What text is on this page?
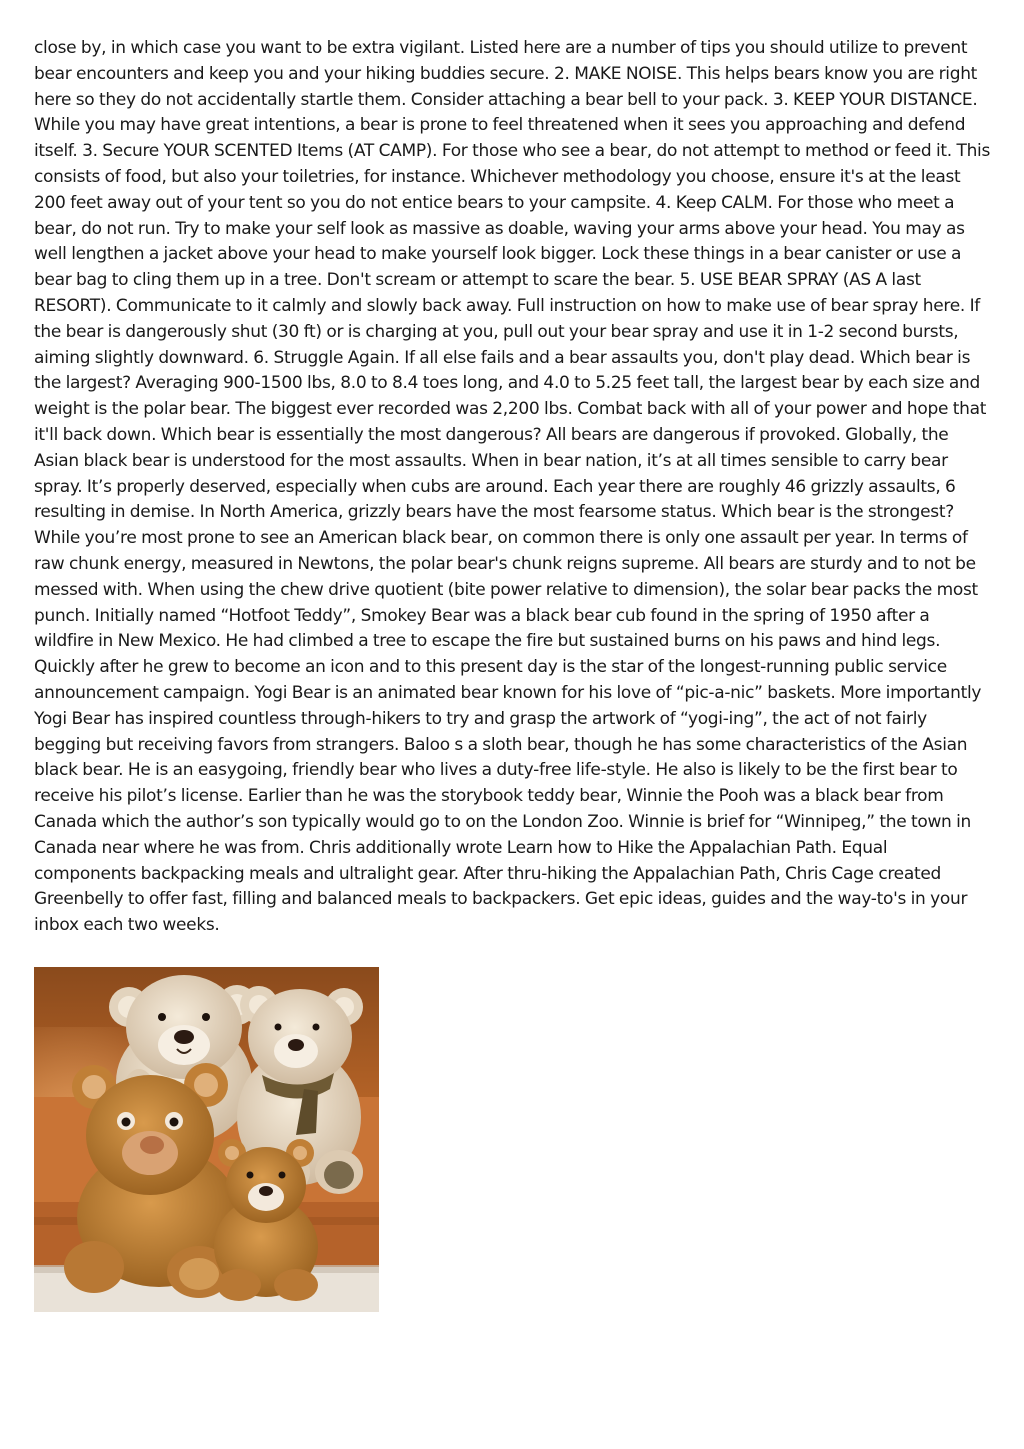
close by, in which case you want to be extra vigilant. Listed here are a number of tips you should utilize to prevent bear encounters and keep you and your hiking buddies secure. 2. MAKE NOISE. This helps bears know you are right here so they do not accidentally startle them. Consider attaching a bear bell to your pack. 3. KEEP YOUR DISTANCE. While you may have great intentions, a bear is prone to feel threatened when it sees you approaching and defend itself. 3. Secure YOUR SCENTED Items (AT CAMP). For those who see a bear, do not attempt to method or feed it. This consists of food, but also your toiletries, for instance. Whichever methodology you choose, ensure it's at the least 200 feet away out of your tent so you do not entice bears to your campsite. 4. Keep CALM. For those who meet a bear, do not run. Try to make your self look as massive as doable, waving your arms above your head. You may as well lengthen a jacket above your head to make yourself look bigger. Lock these things in a bear canister or use a bear bag to cling them up in a tree. Don't scream or attempt to scare the bear. 5. USE BEAR SPRAY (AS A last RESORT). Communicate to it calmly and slowly back away. Full instruction on how to make use of bear spray here. If the bear is dangerously shut (30 ft) or is charging at you, pull out your bear spray and use it in 1-2 second bursts, aiming slightly downward. 6. Struggle Again. If all else fails and a bear assaults you, don't play dead. Which bear is the largest? Averaging 900-1500 lbs, 8.0 to 8.4 toes long, and 4.0 to 5.25 feet tall, the largest bear by each size and weight is the polar bear. The biggest ever recorded was 2,200 lbs. Combat back with all of your power and hope that it'll back down. Which bear is essentially the most dangerous? All bears are dangerous if provoked. Globally, the Asian black bear is understood for the most assaults. When in bear nation, it’s at all times sensible to carry bear spray. It’s properly deserved, especially when cubs are around. Each year there are roughly 46 grizzly assaults, 6 resulting in demise. In North America, grizzly bears have the most fearsome status. Which bear is the strongest? While you’re most prone to see an American black bear, on common there is only one assault per year. In terms of raw chunk energy, measured in Newtons, the polar bear's chunk reigns supreme. All bears are sturdy and to not be messed with. When using the chew drive quotient (bite power relative to dimension), the solar bear packs the most punch. Initially named “Hotfoot Teddy”, Smokey Bear was a black bear cub found in the spring of 1950 after a wildfire in New Mexico. He had climbed a tree to escape the fire but sustained burns on his paws and hind legs. Quickly after he grew to become an icon and to this present day is the star of the longest-running public service announcement campaign. Yogi Bear is an animated bear known for his love of “pic-a-nic” baskets. More importantly Yogi Bear has inspired countless through-hikers to try and grasp the artwork of “yogi-ing”, the act of not fairly begging but receiving favors from strangers. Baloo s a sloth bear, though he has some characteristics of the Asian black bear. He is an easygoing, friendly bear who lives a duty-free life-style. He also is likely to be the first bear to receive his pilot’s license. Earlier than he was the storybook teddy bear, Winnie the Pooh was a black bear from Canada which the author’s son typically would go to on the London Zoo. Winnie is brief for “Winnipeg,” the town in Canada near where he was from. Chris additionally wrote Learn how to Hike the Appalachian Path. Equal components backpacking meals and ultralight gear. After thru-hiking the Appalachian Path, Chris Cage created Greenbelly to offer fast, filling and balanced meals to backpackers. Get epic ideas, guides and the way-to's in your inbox each two weeks.
